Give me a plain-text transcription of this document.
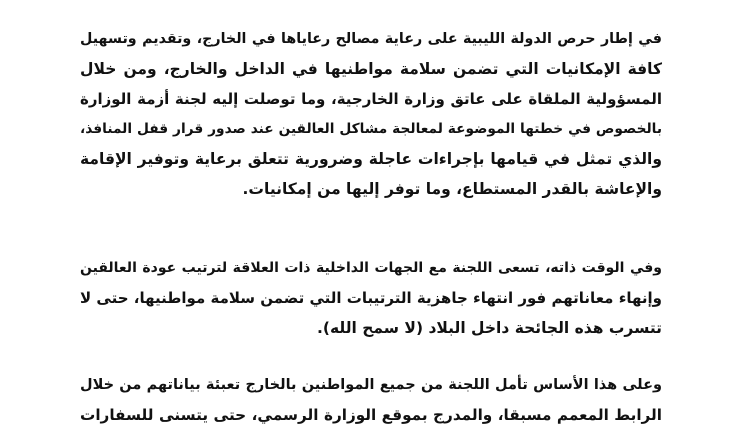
في إطار حرص الدولة الليبية على رعاية مصالح رعاياها في الخارج، وتقديم وتسهيل
كافة الإمكانيات التي تضمن سلامة مواطنيها في الداخل والخارج، ومن خلال
المسؤولية الملقاة على عاتق وزارة الخارجية، وما توصلت إليه لجنة أزمة الوزارة
بالخصوص في خطتها الموضوعة لمعالجة مشاكل العالقين عند صدور قرار قفل المنافذ،
والذي تمثل في قيامها بإجراءات عاجلة وضرورية تتعلق برعاية وتوفير الإقامة
والإعاشة بالقدر المستطاع، وما توفر إليها من إمكانيات.
وفي الوقت ذاته، تسعى اللجنة مع الجهات الداخلية ذات العلاقة لترتيب عودة العالقين
وإنهاء معاناتهم فور انتهاء جاهزية الترتيبات التي تضمن سلامة مواطنيها، حتى لا
تتسرب هذه الجائحة داخل البلاد (لا سمح الله).
وعلى هذا الأساس تأمل اللجنة من جميع المواطنين بالخارج تعبئة بياناتهم من خلال
الرابط المعمم مسبقا، والمدرج بموقع الوزارة الرسمي، حتى يتسنى للسفارات
